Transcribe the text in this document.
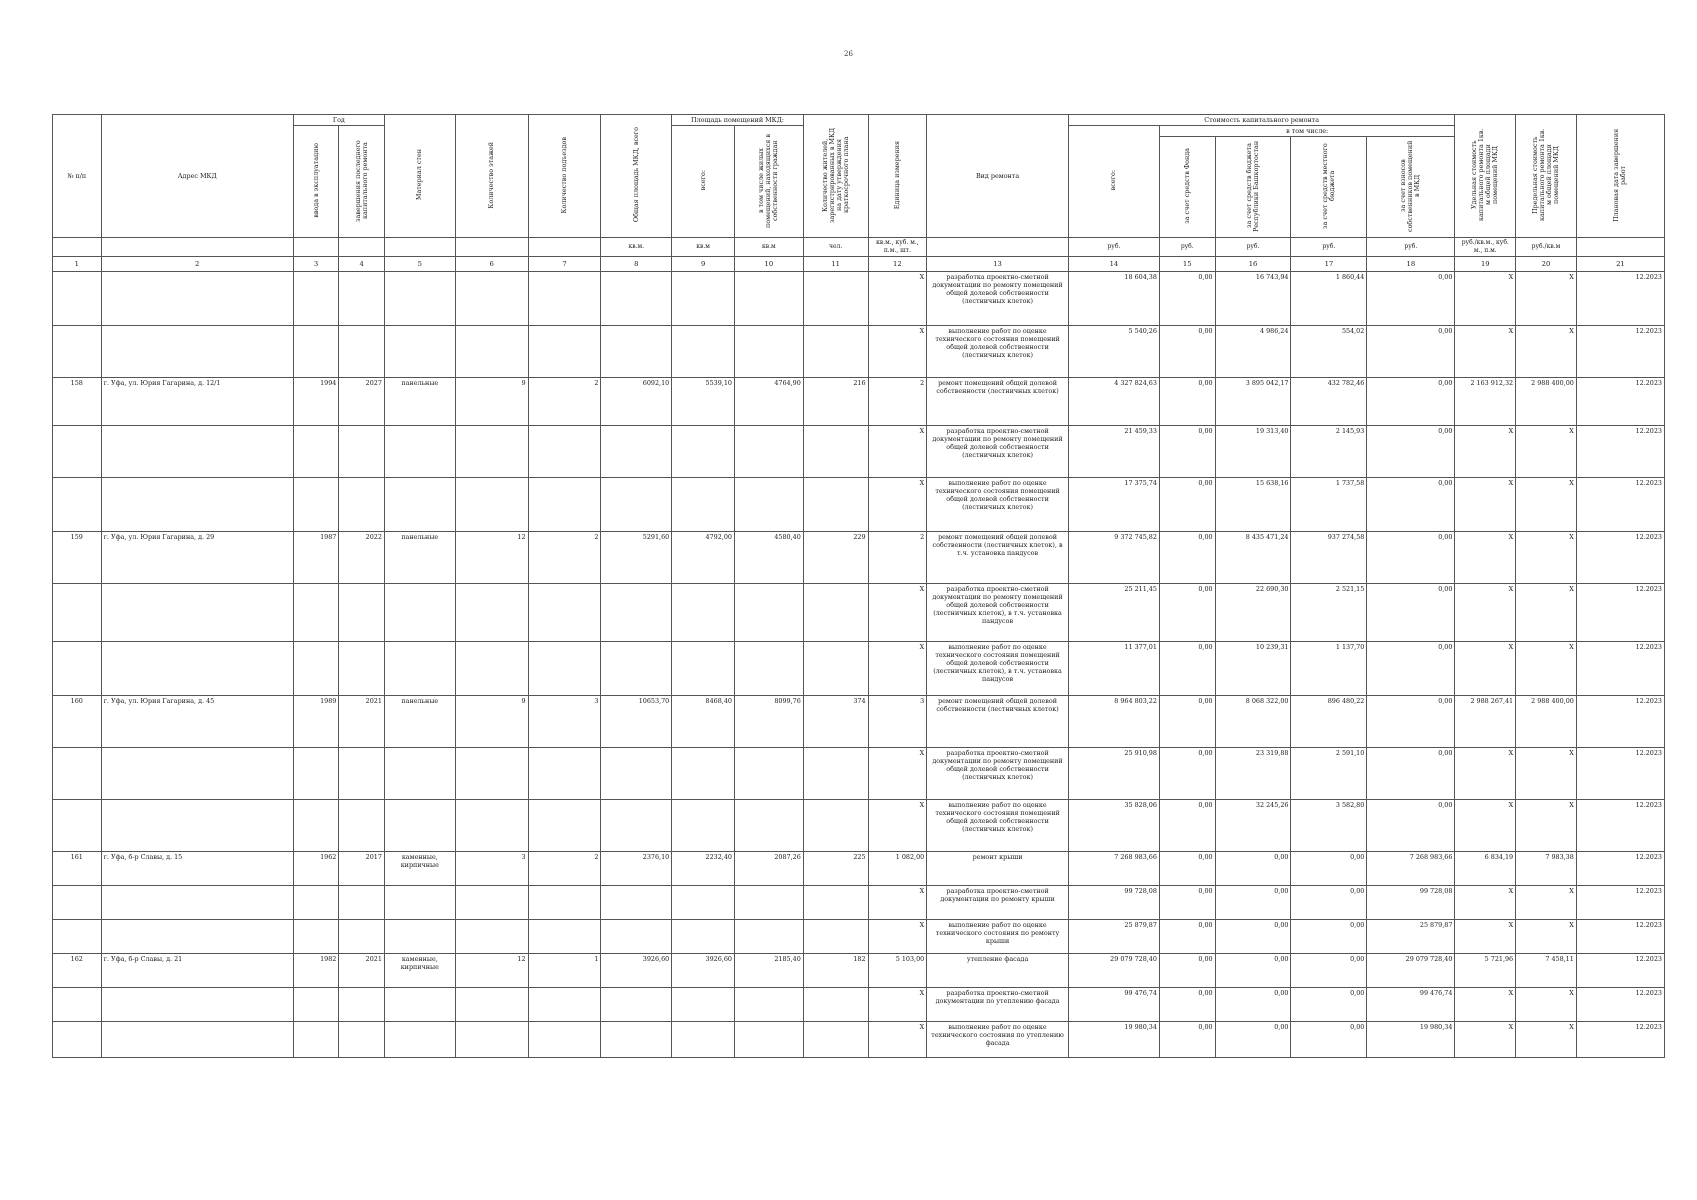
26
№ п/п	Адрес МКД	Год		Материал стен	Количество этажей	Количество подъездов	Общая площадь МКД, всего	Площадь помещений МКД:		Количество жителей, зарегистрированных в МКД на дату утверждения краткосрочного плана	Единица измерения	Вид ремонта	Стоимость капитального ремонта					Удельная стоимость капитального ремонта 1кв. м общей площади помещений МКД	Предельная стоимость капитального ремонта 1кв. м общей площади помещений МКД	Плановая дата завершения работ
		ввода в эксплуатацию	завершения последнего капитального ремонта					всего:	в том числе жилых помещений, находящихся в собственности граждан				всего:	в том числе:						
														за счет средств Фонда	за счет средств бюджета Республики Башкортостан	за счет средств местного бюджета	за счет взносов собственников помещений в МКД			
							кв.м.	кв.м	кв.м	чел.	кв.м., куб. м., п.м., шт.		руб.	руб.	руб.	руб.	руб.	руб./кв.м., куб. м., п.м.	руб./кв.м	
1	2	3	4	5	6	7	8	9	10	11	12	13	14	15	16	17	18	19	20	21
											X	разработка проектно-сметной документации по ремонту помещений общей долевой собственности (лестничных клеток)	18 604,38	0,00	16 743,94	1 860,44	0,00	X	X	12.2023
											X	выполнение работ по оценке технического состояния помещений общей долевой собственности (лестничных клеток)	5 540,26	0,00	4 986,24	554,02	0,00	X	X	12.2023
158	г. Уфа, ул. Юрия Гагарина, д. 12/1	1994	2027	панельные	9	2	6092,10	5539,10	4764,90	216	2	ремонт помещений общей долевой собственности (лестничных клеток)	4 327 824,63	0,00	3 895 042,17	432 782,46	0,00	2 163 912,32	2 988 400,00	12.2023
											X	разработка проектно-сметной документации по ремонту помещений общей долевой собственности (лестничных клеток)	21 459,33	0,00	19 313,40	2 145,93	0,00	X	X	12.2023
											X	выполнение работ по оценке технического состояния помещений общей долевой собственности (лестничных клеток)	17 375,74	0,00	15 638,16	1 737,58	0,00	X	X	12.2023
159	г. Уфа, ул. Юрия Гагарина, д. 29	1987	2022	панельные	12	2	5291,60	4792,00	4580,40	229	2	ремонт помещений общей долевой собственности (лестничных клеток), в т.ч. установка пандусов	9 372 745,82	0,00	8 435 471,24	937 274,58	0,00	X	X	12.2023
											X	разработка проектно-сметной документации по ремонту помещений общей долевой собственности (лестничных клеток), в т.ч. установка пандусов	25 211,45	0,00	22 690,30	2 521,15	0,00	X	X	12.2023
											X	выполнение работ по оценке технического состояния помещений общей долевой собственности (лестничных клеток), в т.ч. установка пандусов	11 377,01	0,00	10 239,31	1 137,70	0,00	X	X	12.2023
160	г. Уфа, ул. Юрия Гагарина, д. 45	1989	2021	панельные	9	3	10653,70	8468,40	8099,76	374	3	ремонт помещений общей долевой собственности (лестничных клеток)	8 964 803,22	0,00	8 068 322,00	896 480,22	0,00	2 988 267,41	2 988 400,00	12.2023
											X	разработка проектно-сметной документации по ремонту помещений общей долевой собственности (лестничных клеток)	25 910,98	0,00	23 319,88	2 591,10	0,00	X	X	12.2023
											X	выполнение работ по оценке технического состояния помещений общей долевой собственности (лестничных клеток)	35 828,06	0,00	32 245,26	3 582,80	0,00	X	X	12.2023
161	г. Уфа, б-р Славы, д. 15	1962	2017	каменные, кирпичные	3	2	2376,10	2232,40	2087,26	225	1 082,00	ремонт крыши	7 268 983,66	0,00	0,00	0,00	7 268 983,66	6 834,19	7 983,38	12.2023
											X	разработка проектно-сметной документации по ремонту крыши	99 728,08	0,00	0,00	0,00	99 728,08	X	X	12.2023
											X	выполнение работ по оценке технического состояния по ремонту крыши	25 879,87	0,00	0,00	0,00	25 879,87	X	X	12.2023
162	г. Уфа, б-р Славы, д. 21	1982	2021	каменные, кирпичные	12	1	3926,60	3926,60	2185,40	182	5 103,00	утепление фасада	29 079 728,40	0,00	0,00	0,00	29 079 728,40	5 721,96	7 458,11	12.2023
											X	разработка проектно-сметной документации по утеплению фасада	99 476,74	0,00	0,00	0,00	99 476,74	X	X	12.2023
											X	выполнение работ по оценке технического состояния по утеплению фасада	19 980,34	0,00	0,00	0,00	19 980,34	X	X	12.2023
